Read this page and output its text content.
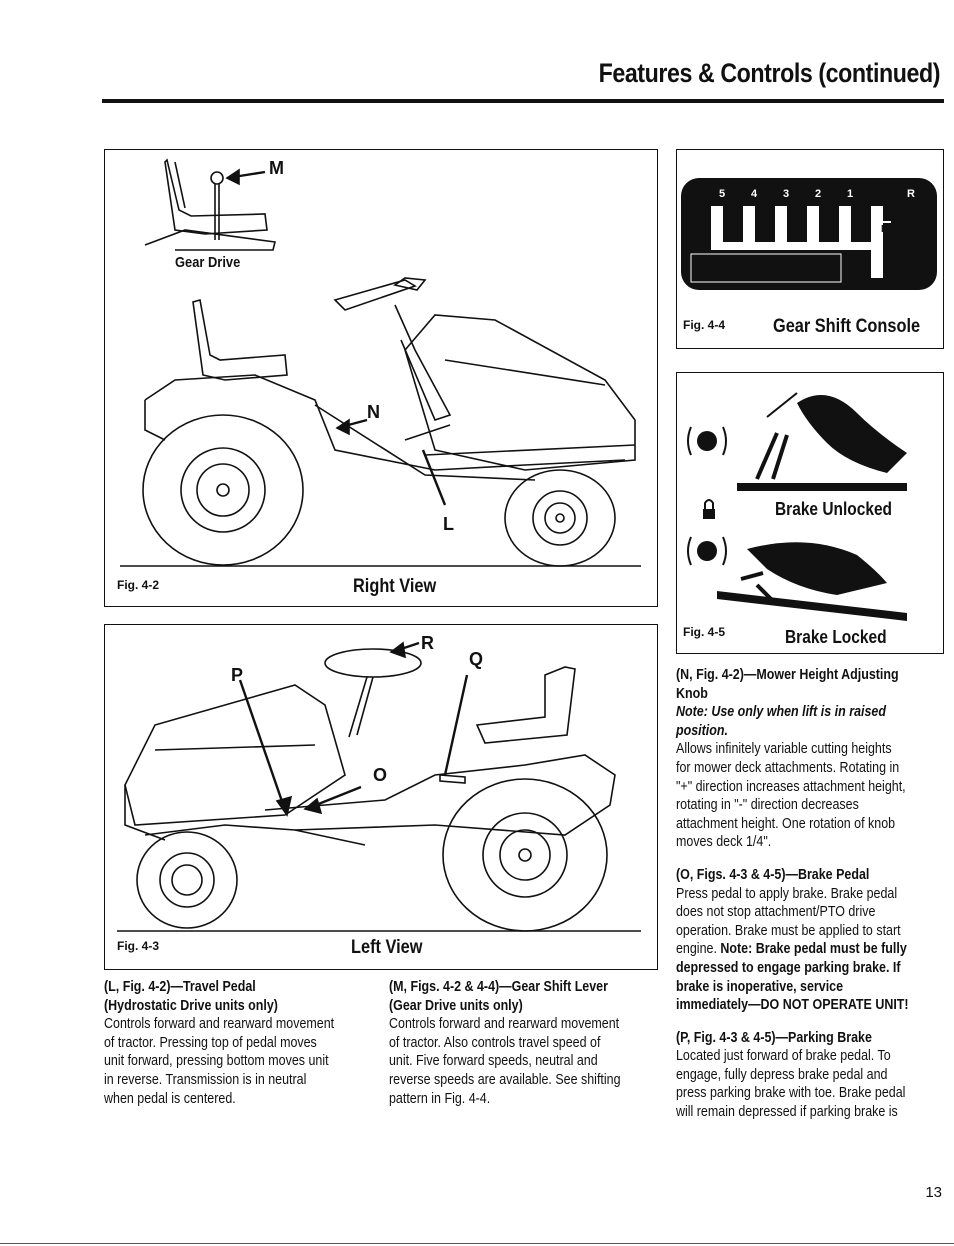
Features & Controls (continued)
M
Gear Drive
N
L
Fig. 4-2	Right View
P
R
Q
O
Fig. 4-3	Left View
5 4 3 2 1	R
N
Fig. 4-4	Gear Shift Console
Brake Unlocked
Fig. 4-5	Brake Locked

(L, Fig. 4-2)—Travel Pedal

(Hydrostatic Drive units only)

Controls forward and rearward movement

of tractor. Pressing top of pedal moves

unit forward, pressing bottom moves unit

in reverse. Transmission is in neutral

when pedal is centered.

(M, Figs. 4-2 & 4-4)—Gear Shift Lever

(Gear Drive units only)

Controls forward and rearward movement

of tractor. Also controls travel speed of

unit. Five forward speeds, neutral and

reverse speeds are available. See shifting

pattern in Fig. 4-4.

(N, Fig. 4-2)—Mower Height Adjusting

Knob

Note: Use only when lift is in raised

position.

Allows infinitely variable cutting heights

for mower deck attachments. Rotating in

"+" direction increases attachment height,

rotating in "-" direction decreases

attachment height. One rotation of knob

moves deck 1/4".

(O, Figs. 4-3 & 4-5)—Brake Pedal

Press pedal to apply brake. Brake pedal

does not stop attachment/PTO drive

operation. Brake must be applied to start

engine. Note: Brake pedal must be fully

depressed to engage parking brake. If

brake is inoperative, service

immediately—DO NOT OPERATE UNIT!

(P, Fig. 4-3 & 4-5)—Parking Brake

Located just forward of brake pedal. To

engage, fully depress brake pedal and

press parking brake with toe. Brake pedal

will remain depressed if parking brake is

13
